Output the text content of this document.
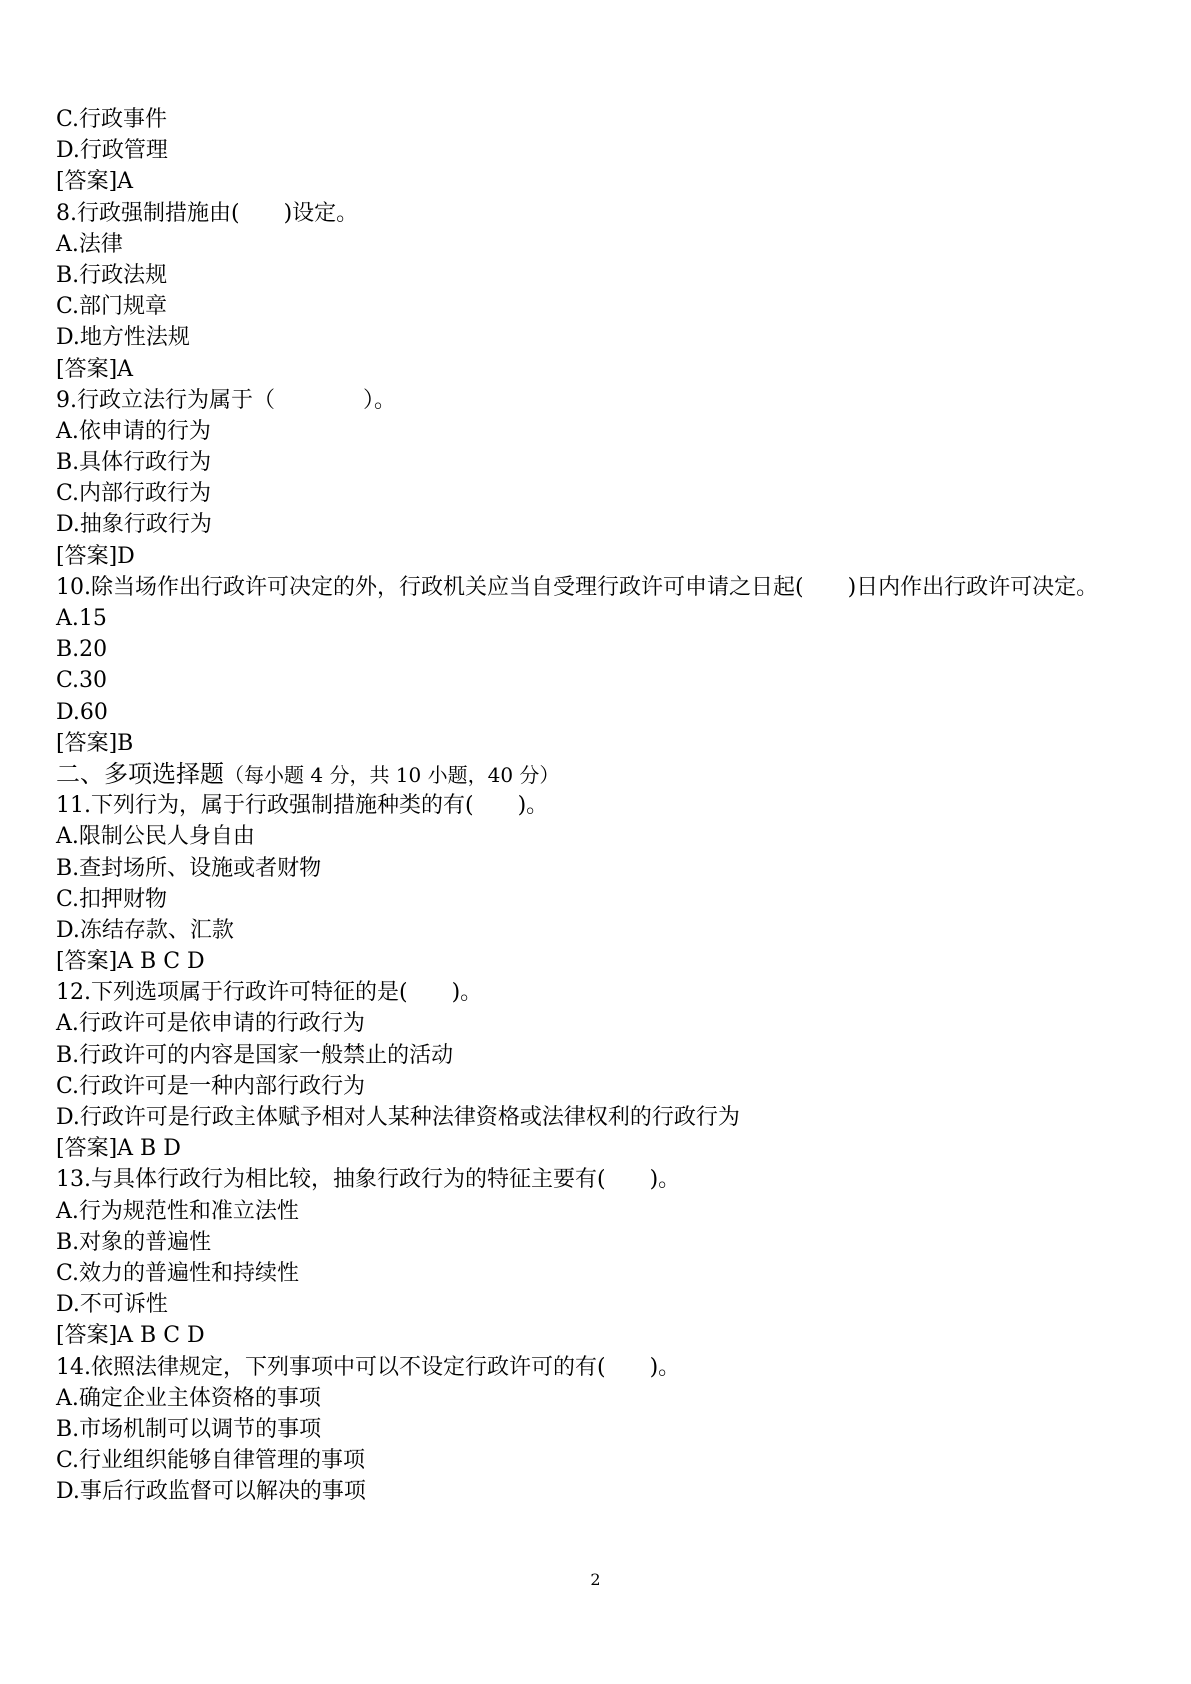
C.行政事件
D.行政管理
[答案]A
8.行政强制措施由(　　)设定。
A.法律
B.行政法规
C.部门规章
D.地方性法规
[答案]A
9.行政立法行为属于（　　　　）。
A.依申请的行为
B.具体行政行为
C.内部行政行为
D.抽象行政行为
[答案]D
10.除当场作出行政许可决定的外，行政机关应当自受理行政许可申请之日起(　　)日内作出行政许可决定。
A.15
B.20
C.30
D.60
[答案]B
二、多项选择题（每小题 4 分，共 10 小题，40 分）
11.下列行为，属于行政强制措施种类的有(　　)。
A.限制公民人身自由
B.查封场所、设施或者财物
C.扣押财物
D.冻结存款、汇款
[答案]A B C D
12.下列选项属于行政许可特征的是(　　)。
A.行政许可是依申请的行政行为
B.行政许可的内容是国家一般禁止的活动
C.行政许可是一种内部行政行为
D.行政许可是行政主体赋予相对人某种法律资格或法律权利的行政行为
[答案]A B D
13.与具体行政行为相比较，抽象行政行为的特征主要有(　　)。
A.行为规范性和准立法性
B.对象的普遍性
C.效力的普遍性和持续性
D.不可诉性
[答案]A B C D
14.依照法律规定，下列事项中可以不设定行政许可的有(　　)。
A.确定企业主体资格的事项
B.市场机制可以调节的事项
C.行业组织能够自律管理的事项
D.事后行政监督可以解决的事项
2
